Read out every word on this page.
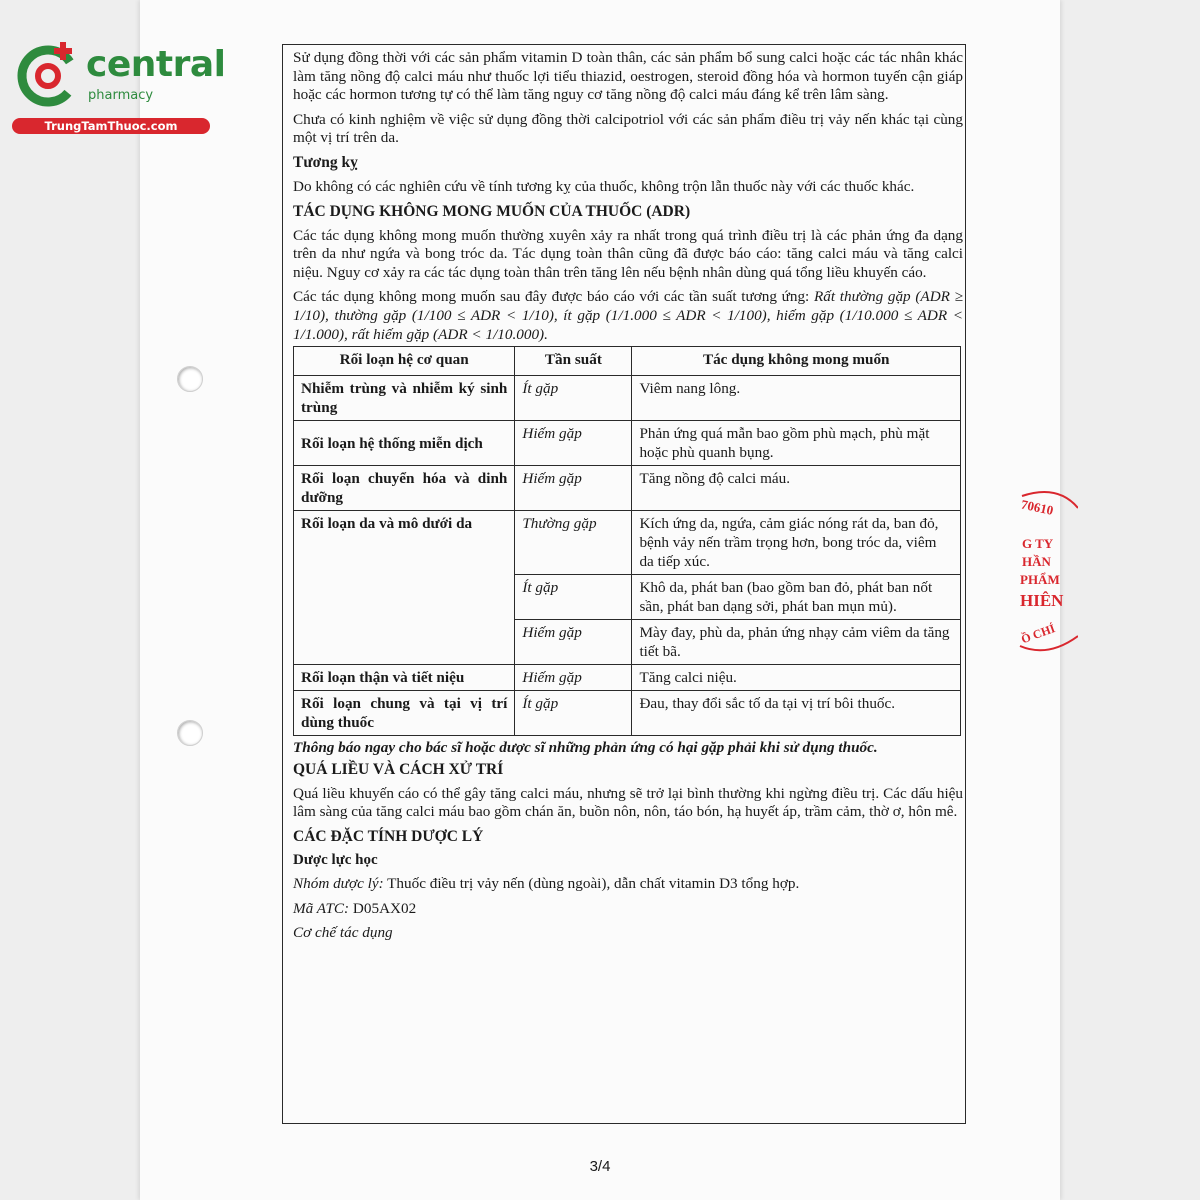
central
pharmacy
TrungTamThuoc.com
70610
G TY
HẦN
PHẨM
HIÊN
Ồ CHÍ

Sử dụng đồng thời với các sản phẩm vitamin D toàn thân, các sản phẩm bổ sung calci hoặc các tác nhân khác làm tăng nồng độ calci máu như thuốc lợi tiểu thiazid, oestrogen, steroid đồng hóa và hormon tuyến cận giáp hoặc các hormon tương tự có thể làm tăng nguy cơ tăng nồng độ calci máu đáng kể trên lâm sàng.

Chưa có kinh nghiệm về việc sử dụng đồng thời calcipotriol với các sản phẩm điều trị vảy nến khác tại cùng một vị trí trên da.

Tương kỵ

Do không có các nghiên cứu về tính tương kỵ của thuốc, không trộn lẫn thuốc này với các thuốc khác.

TÁC DỤNG KHÔNG MONG MUỐN CỦA THUỐC (ADR)

Các tác dụng không mong muốn thường xuyên xảy ra nhất trong quá trình điều trị là các phản ứng đa dạng trên da như ngứa và bong tróc da. Tác dụng toàn thân cũng đã được báo cáo: tăng calci máu và tăng calci niệu. Nguy cơ xảy ra các tác dụng toàn thân trên tăng lên nếu bệnh nhân dùng quá tổng liều khuyến cáo.

Các tác dụng không mong muốn sau đây được báo cáo với các tần suất tương ứng: Rất thường gặp (ADR ≥ 1/10), thường gặp (1/100 ≤ ADR < 1/10), ít gặp (1/1.000 ≤ ADR < 1/100), hiếm gặp (1/10.000 ≤ ADR < 1/1.000), rất hiếm gặp (ADR < 1/10.000).

Rối loạn hệ cơ quan	Tần suất	Tác dụng không mong muốn
Nhiễm trùng và nhiễm ký sinh trùng	Ít gặp	Viêm nang lông.
Rối loạn hệ thống miễn dịch	Hiếm gặp	Phản ứng quá mẫn bao gồm phù mạch, phù mặt hoặc phù quanh bụng.
Rối loạn chuyển hóa và dinh dưỡng	Hiếm gặp	Tăng nồng độ calci máu.
Rối loạn da và mô dưới da	Thường gặp	Kích ứng da, ngứa, cảm giác nóng rát da, ban đỏ, bệnh vảy nến trầm trọng hơn, bong tróc da, viêm da tiếp xúc.
	Ít gặp	Khô da, phát ban (bao gồm ban đỏ, phát ban nốt sần, phát ban dạng sởi, phát ban mụn mủ).
	Hiếm gặp	Mày đay, phù da, phản ứng nhạy cảm viêm da tăng tiết bã.
Rối loạn thận và tiết niệu	Hiếm gặp	Tăng calci niệu.
Rối loạn chung và tại vị trí dùng thuốc	Ít gặp	Đau, thay đổi sắc tố da tại vị trí bôi thuốc.

Thông báo ngay cho bác sĩ hoặc dược sĩ những phản ứng có hại gặp phải khi sử dụng thuốc.

QUÁ LIỀU VÀ CÁCH XỬ TRÍ

Quá liều khuyến cáo có thể gây tăng calci máu, nhưng sẽ trở lại bình thường khi ngừng điều trị. Các dấu hiệu lâm sàng của tăng calci máu bao gồm chán ăn, buồn nôn, nôn, táo bón, hạ huyết áp, trầm cảm, thờ ơ, hôn mê.

CÁC ĐẶC TÍNH DƯỢC LÝ
Dược lực học

Nhóm dược lý: Thuốc điều trị vảy nến (dùng ngoài), dẫn chất vitamin D3 tổng hợp.

Mã ATC: D05AX02

Cơ chế tác dụng

3/4
